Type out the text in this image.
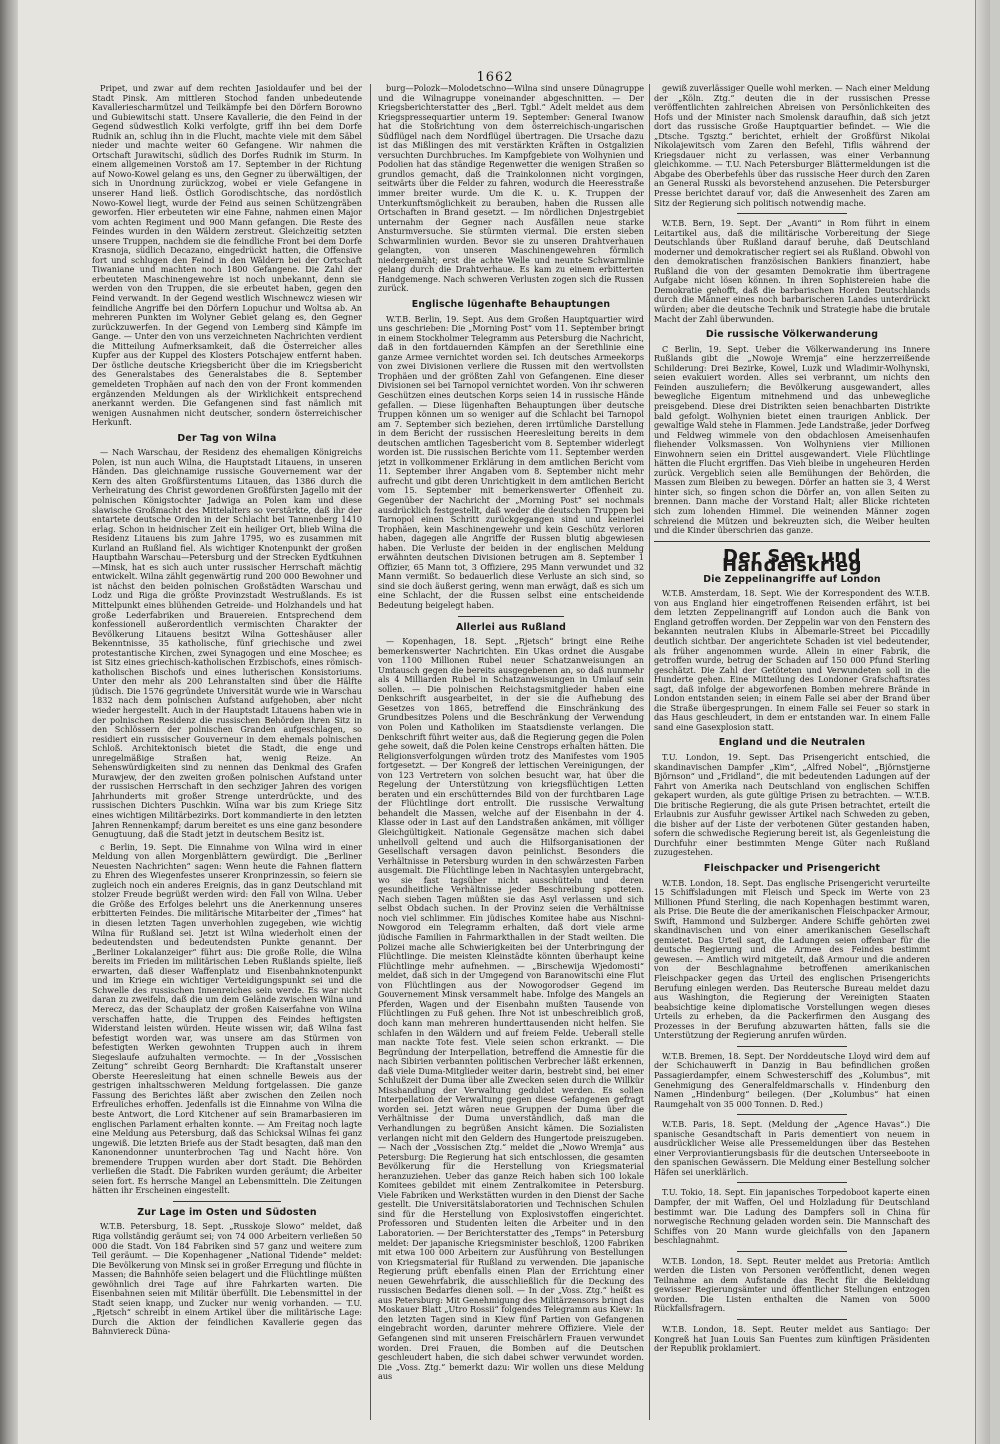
1662

Pripet, und zwar auf dem rechten Jasioldaufer und bei der Stadt Pinsk. Am mittleren Stochod fanden unbedeutende Kavalleriescharmützel und Teilkämpfe bei den Dörfern Borowno und Gubiewitschi statt. Unsere Kavallerie, die den Feind in der Gegend südwestlich Kolki verfolgte, griff ihn bei dem Dorfe Rudnik an, schlug ihn in die Flucht, machte viele mit dem Säbel nieder und machte weiter 60 Gefangene. Wir nahmen die Ortschaft Jurawitschi, südlich des Dorfes Rudnik im Sturm. In einem allgemeinen Vorstoß am 17. September in der Richtung auf Nowo-Kowel gelang es uns, den Gegner zu überwältigen, der sich in Unordnung zurückzog, wobei er viele Gefangene in unserer Hand ließ. Östlich Gorodischtsche, das nordöstlich Nowo-Kowel liegt, wurde der Feind aus seinen Schützengräben geworfen. Hier erbeuteten wir eine Fahne, nahmen einen Major vom achten Regiment und 900 Mann gefangen. Die Reste des Feindes wurden in den Wäldern zerstreut. Gleichzeitig setzten unsere Truppen, nachdem sie die feindliche Front bei dem Dorfe Krasnoja, südlich Decazano, eingedrückt hatten, die Offensive fort und schlugen den Feind in den Wäldern bei der Ortschaft Tiwaniane und machten noch 1800 Gefangene. Die Zahl der erbeuteten Maschinengewehre ist noch unbekannt, denn sie werden von den Truppen, die sie erbeutet haben, gegen den Feind verwandt. In der Gegend westlich Wischnewcz wiesen wir feindliche Angriffe bei den Dörfern Lopuchur und Woltsa ab. An mehreren Punkten im Wolyner Gebiet gelang es, den Gegner zurückzuwerfen. In der Gegend von Lemberg sind Kämpfe im Gange. — Unter den von uns verzeichneten Nachrichten verdient die Mitteilung Aufmerksamkeit, daß die Österreicher alles Kupfer aus der Kuppel des Klosters Potschajew entfernt haben. Der östliche deutsche Kriegsbericht über die im Kriegsbericht des Generalstabes des Generalstabes die 8. September gemeldeten Trophäen auf nach den von der Front kommenden ergänzenden Meldungen als der Wirklichkeit entsprechend anerkannt werden. Die Gefangenen sind fast nämlich mit wenigen Ausnahmen nicht deutscher, sondern österreichischer Herkunft.

Der Tag von Wilna

— Nach Warschau, der Residenz des ehemaligen Königreichs Polen, ist nun auch Wilna, die Hauptstadt Litauens, in unseren Händen. Das gleichnamige russische Gouvernement war der Kern des alten Großfürstentums Litauen, das 1386 durch die Verheiratung des Christ gewordenen Großfürsten Jagello mit der polnischen Königstochter Jadwiga an Polen kam und diese slawische Großmacht des Mittelalters so verstärkte, daß ihr der entartete deutsche Orden in der Schlacht bei Tannenberg 1410 erlag. Schon in heidnischer Zeit ein heiliger Ort, blieb Wilna die Residenz Litauens bis zum Jahre 1795, wo es zusammen mit Kurland an Rußland fiel. Als wichtiger Knotenpunkt der großen Hauptbahn Warschau—Petersburg und der Strecken Eydtkuhnen—Minsk, hat es sich auch unter russischer Herrschaft mächtig entwickelt. Wilna zählt gegenwärtig rund 200 000 Bewohner und ist nächst den beiden polnischen Großstädten Warschau und Lodz und Riga die größte Provinzstadt Westrußlands. Es ist Mittelpunkt eines blühenden Getreide- und Holzhandels und hat große Lederfabriken und Brauereien. Entsprechend dem konfessionell außerordentlich vermischten Charakter der Bevölkerung Litauens besitzt Wilna Gotteshäuser aller Bekenntnisse, 35 katholische, fünf griechische und zwei protestantische Kirchen, zwei Synagogen und eine Moschee; es ist Sitz eines griechisch-katholischen Erzbischofs, eines römisch-katholischen Bischofs und eines lutherischen Konsistoriums. Unter den mehr als 200 Lehranstalten sind über die Hälfte jüdisch. Die 1576 gegründete Universität wurde wie in Warschau 1832 nach dem polnischen Aufstand aufgehoben, aber nicht wieder hergestellt. Auch in der Hauptstadt Litauens haben wie in der polnischen Residenz die russischen Behörden ihren Sitz in den Schlössern der polnischen Granden aufgeschlagen, so residiert ein russischer Gouverneur in dem ehemals polnischen Schloß. Architektonisch bietet die Stadt, die enge und unregelmäßige Straßen hat, wenig Reize. An Sehenswürdigkeiten sind zu nennen das Denkmal des Grafen Murawjew, der den zweiten großen polnischen Aufstand unter der russischen Herrschaft in den sechziger Jahren des vorigen Jahrhunderts mit großer Strenge unterdrückte, und des russischen Dichters Puschkin. Wilna war bis zum Kriege Sitz eines wichtigen Militärbezirks. Dort kommandierte in den letzten Jahren Rennenkampf; darum bereitet es uns eine ganz besondere Genugtuung, daß die Stadt jetzt in deutschem Besitz ist.

c Berlin, 19. Sept. Die Einnahme von Wilna wird in einer Meldung von allen Morgenblättern gewürdigt. Die „Berliner Neuesten Nachrichten“ sagen: Wenn heute die Fahnen flattern zu Ehren des Wiegenfestes unserer Kronprinzessin, so feiern sie zugleich noch ein anderes Ereignis, das in ganz Deutschland mit stolzer Freude begrüßt werden wird: den Fall von Wilna. Ueber die Größe des Erfolges belehrt uns die Anerkennung unseres erbitterten Feindes. Die militärische Mitarbeiter der „Times“ hat in diesen letzten Tagen unverhohlen zugegeben, wie wichtig Wilna für Rußland sei. Jetzt ist Wilna wiederholt einen der bedeutendsten und bedeutendsten Punkte genannt. Der „Berliner Lokalanzeiger“ führt aus: Die große Rolle, die Wilna bereits im Frieden im militärischen Leben Rußlands spielte, ließ erwarten, daß dieser Waffenplatz und Eisenbahnknotenpunkt und im Kriege ein wichtiger Verteidigungspunkt sei und die Schwelle des russischen Innenreiches sein werde. Es war nicht daran zu zweifeln, daß die um dem Gelände zwischen Wilna und Merecz, das der Schauplatz der großen Kaiserfahne von Wilna verschaffen hatte, die Truppen des Feindes heftigsten Widerstand leisten würden. Heute wissen wir, daß Wilna fast befestigt worden war, was unsere am das Stürmen von befestigten Werken gewohnten Truppen auch in ihrem Siegeslaufe aufzuhalten vermochte. — In der „Vossischen Zeitung“ schreibt Georg Bernhardt: Die Kraftanstalt unserer Oberste Heeresleitung hat einen schnelle Beweis aus der gestrigen inhaltsschweren Meldung fortgelassen. Die ganze Fassung des Berichtes läßt aber zwischen den Zeilen noch Erfreuliches erhoffen. Jedenfalls ist die Einnahme von Wilna die beste Antwort, die Lord Kitchener auf sein Bramarbasieren im englischen Parlament erhalten konnte. — Am Freitag noch lagte eine Meldung aus Petersburg, daß das Schicksal Wilnas fei ganz ungewiß. Die letzten Briefe aus der Stadt besagten, daß man den Kanonendonner ununterbrochen Tag und Nacht höre. Von bremendere Truppen wurden aber dort Stadt. Die Behörden verließen die Stadt. Die Fabriken wurden geräumt; die Arbeiter seien fort. Es herrsche Mangel an Lebensmitteln. Die Zeitungen hätten ihr Erscheinen eingestellt.

Zur Lage im Osten und Südosten

W.T.B. Petersburg, 18. Sept. „Russkoje Slowo“ meldet, daß Riga vollständig geräumt sei; von 74 000 Arbeitern verließen 50 000 die Stadt. Von 184 Fabriken sind 57 ganz und weitere zum Teil geräumt. — Die Kopenhagener „National Tidende“ meldet: Die Bevölkerung von Minsk sei in großer Erregung und flüchte in Massen; die Bahnhöfe seien belagert und die Flüchtlinge müßten gewöhnlich drei Tage auf ihre Fahrkarten warten. Die Eisenbahnen seien mit Militär überfüllt. Die Lebensmittel in der Stadt seien knapp, und Zucker nur wenig vorhanden. — T.U. „Rjetsch“ schreibt in einem Artikel über die militärische Lage: Durch die Aktion der feindlichen Kavallerie gegen das Bahnviereck Düna-

burg—Polozk—Molodetschno—Wilna sind unsere Dünagruppe und die Wilnagruppe voneinander abgeschnitten. — Der Kriegsberichterstatter des „Berl. Tgbl.“ Adelt meldet aus dem Kriegspressequartier unterm 19. September: General Iwanow hat die Stoßrichtung von dem österreichisch-ungarischen Südflügel nach dem Nordflügel übertragen. Die Ursache dazu ist das Mißlingen des mit verstärkten Kräften in Ostgalizien versuchten Durchbruches. Im Kampfgebiete von Wolhynien und Podolien hat das ständige Regenwetter die wenigen Straßen so grundlos gemacht, daß die Trainkolonnen nicht vorgingen, seitwärts über die Felder zu fahren, wodurch die Heeresstraße immer breiter wurde. Um die K. u. K. Truppen der Unterkunftsmöglichkeit zu berauben, haben die Russen alle Ortschaften in Brand gesetzt. — Im nördlichen Dnjestrgebiet unternahm der Gegner nach Ausfällen neue starke Ansturmversuche. Sie stürmten viermal. Die ersten sieben Schwarmlinien wurden. Bevor sie zu unseren Drahtverhauen gelangten, von unseren Maschinengewehren förmlich niedergemäht; erst die achte Welle und neunte Schwarmlinie gelang durch die Drahtverhaue. Es kam zu einem erbitterten Handgemenge. Nach schweren Verlusten zogen sich die Russen zurück.

Englische lügenhafte Behauptungen

W.T.B. Berlin, 19. Sept. Aus dem Großen Hauptquartier wird uns geschrieben: Die „Morning Post“ vom 11. September bringt in einem Stockholmer Telegramm aus Petersburg die Nachricht, daß in den fortdauernden Kämpfen an der Serethlinie eine ganze Armee vernichtet worden sei. Ich deutsches Armeekorps von zwei Divisionen verliere die Russen mit den wertvollsten Trophäen und der größten Zahl von Gefangenen. Eine dieser Divisionen sei bei Tarnopol vernichtet worden. Von ihr schweren Geschützen eines deutschen Korps seien 14 in russische Hände gefallen. — Diese lügenhaften Behauptungen über deutsche Truppen können um so weniger auf die Schlacht bei Tarnopol am 7. September sich beziehen, deren irrtümliche Darstellung in dem Bericht der russischen Heeresleitung bereits in dem deutschen amtlichen Tagesbericht vom 8. September widerlegt worden ist. Die russischen Berichte vom 11. September werden jetzt in vollkommener Erklärung in dem amtlichen Bericht vom 11. September ihrer Angaben vom 8. September nicht mehr aufrecht und gibt deren Unrichtigkeit in dem amtlichen Bericht vom 15. September mit bemerkenswerter Offenheit zu. Gegenüber der Nachricht der „Morning Post“ sei nochmals ausdrücklich festgestellt, daß weder die deutschen Truppen bei Tarnopol einen Schritt zurückgegangen sind und keinerlei Trophäen, kein Maschinengewehr und kein Geschütz verloren haben, dagegen alle Angriffe der Russen blutig abgewiesen haben. Die Verluste der beiden in der englischen Meldung erwähnten deutschen Divisionen betrugen am 8. September 1 Offizier, 65 Mann tot, 3 Offiziere, 295 Mann verwundet und 32 Mann vermißt. So bedauerlich diese Verluste an sich sind, so sind sie doch äußerst gering, wenn man erwägt, daß es sich um eine Schlacht, der die Russen selbst eine entscheidende Bedeutung beigelegt haben.

Allerlei aus Rußland

— Kopenhagen, 18. Sept. „Rjetsch“ bringt eine Reihe bemerkenswerter Nachrichten. Ein Ukas ordnet die Ausgabe von 1100 Millionen Rubel neuer Schatzanweisungen an Umtausch gegen die bereits ausgegebenen an, so daß nunmehr als 4 Milliarden Rubel in Schatzanweisungen in Umlauf sein sollen. — Die polnischen Reichstagsmitglieder haben eine Denkschrift ausgearbeitet, in der sie die Aufhebung des Gesetzes von 1865, betreffend die Einschränkung des Grundbesitzes Polens und die Beschränkung der Verwendung von Polen und Katholiken im Staatsdienste verlangen. Die Denkschrift führt weiter aus, daß die Regierung gegen die Polen gehe soweit, daß die Polen keine Censtrops erhalten hätten. Die Religionsverfolgungen würden trotz des Manifestes vom 1905 fortgesetzt. — Der Kongreß der lettischen Vereinigungen, der von 123 Vertretern von solchen besucht war, hat über die Regelung der Unterstützung von kriegsflüchtigen Letten beraten und ein erschütterndes Bild von der furchtbaren Lage der Flüchtlinge dort entrollt. Die russische Verwaltung behandelt die Massen, welche auf der Eisenbahn in der 4. Klasse oder in Last auf den Landstraßen ankämen, mit völliger Gleichgültigkeit. Nationale Gegensätze machen sich dabei unheilvoll geltend und auch die Hilfsorganisationen der Gesellschaft versagen davon peinlichst. Besonders die Verhältnisse in Petersburg wurden in den schwärzesten Farben ausgemalt. Die Flüchtlinge leben in Nachtasylen untergebracht, wo sie fast tagsüber nicht ausschütteln und deren gesundheitliche Verhältnisse jeder Beschreibung spotteten. Nach sieben Tagen müßten sie das Asyl verlassen und sich selbst Obdach suchen. In der Provinz seien die Verhältnisse noch viel schlimmer. Ein jüdisches Komitee habe aus Nischni-Nowgorod ein Telegramm erhalten, daß dort viele arme jüdische Familien in Fahrmarkthallen in der Stadt weilten. Die Polizei mache alle Schwierigkeiten bei der Unterbringung der Flüchtlinge. Die meisten Kleinstädte könnten überhaupt keine Flüchtlinge mehr aufnehmen. — „Birschewija Wjedomosti“ meldet, daß sich in der Umgegend von Baranowitschi eine Flut von Flüchtlingen aus der Nowogorodser Gegend im Gouvernement Minsk versammelt habe. Infolge des Mangels an Pferden, Wagen und der Eisenbahn mußten Tausende von Flüchtlingen zu Fuß gehen. Ihre Not ist unbeschreiblich groß, doch kann man mehreren hunderttausenden nicht helfen. Sie schlafen in den Wäldern und auf freiem Felde. Ueberall stelle man nackte Tote fest. Viele seien schon erkrankt. — Die Begründung der Interpellation, betreffend die Amnestie für die nach Sibirien verbannten politischen Verbrecher läßt erkennen, daß viele Duma-Mitglieder weiter darin, bestrebt sind, bei einer Schlußzeit der Duma über alle Zwecken seien durch die Willkür Misshandlung der Verwaltung geduldet werden. Es sollen Interpellation der Verwaltung gegen diese Gefangenen gefragt worden sei. Jetzt wären neue Gruppen der Duma über die Verhältnisse der Duma unverständlich, daß man die Verhandlungen zu begrüßen Ansicht kämen. Die Sozialisten verlangen nicht mit den Geldern des Hungertode preiszugeben. — Nach der „Vossischen Ztg.“ meldet die „Nowo Wremja“ aus Petersburg: Die Regierung hat sich entschlossen, die gesamten Bevölkerung für die Herstellung von Kriegsmaterial heranzuziehen. Ueber das ganze Reich haben sich 100 lokale Komitees gebildet mit einem Zentralkomitee in Petersburg. Viele Fabriken und Werkstätten wurden in den Dienst der Sache gestellt. Die Universitätslaboratorien und Technischen Schulen sind für die Herstellung von Explosivstoffen eingerichtet. Professoren und Studenten leiten die Arbeiter und in den Laboratorien. — Der Berichterstatter des „Temps“ in Petersburg meldet: Der japanische Kriegsminister beschloß, 1200 Fabriken mit etwa 100 000 Arbeitern zur Ausführung von Bestellungen von Kriegsmaterial für Rußland zu verwenden. Die japanische Regierung prüft ebenfalls einen Plan der Errichtung einer neuen Gewehrfabrik, die ausschließlich für die Deckung des russischen Bedarfes dienen soll. — In der „Voss. Ztg.“ heißt es aus Petersburg: Mit Genehmigung des Militärzensors bringt das Moskauer Blatt „Utro Rossii“ folgendes Telegramm aus Kiew: In den letzten Tagen sind in Kiew fünf Partien von Gefangenen eingebracht worden, darunter mehrere Offiziere. Viele der Gefangenen sind mit unseren Freischärlern Frauen verwundet worden. Drei Frauen, die Bomben auf die Deutschen geschleudert haben, die sich dabei schwer verwundet worden. Die „Voss. Ztg.“ bemerkt dazu: Wir wollen uns diese Meldung aus

gewiß zuverlässiger Quelle wohl merken. — Nach einer Meldung der „Köln. Ztg.“ deuten die in der russischen Presse veröffentlichten zahlreichen Abreisen von Persönlichkeiten des Hofs und der Minister nach Smolensk daraufhin, daß sich jetzt dort das russische Große Hauptquartier befindet. — Wie die „Dtsche. Tgsztg.“ berichtet, erhielt der Großfürst Nikolai Nikolajewitsch vom Zaren den Befehl, Tiflis während der Kriegsdauer nicht zu verlassen, was einer Verbannung gleichkomme. — T.U. Nach Petersburger Blättermeldungen ist die Abgabe des Oberbefehls über das russische Heer durch den Zaren an General Russki als bevorstehend anzusehen. Die Petersburger Presse berichtet darauf vor, daß die Anwesenheit des Zaren am Sitz der Regierung sich politisch notwendig mache.

W.T.B. Bern, 19. Sept. Der „Avanti“ in Rom führt in einem Leitartikel aus, daß die militärische Vorbereitung der Siege Deutschlands über Rußland darauf beruhe, daß Deutschland moderner und demokratischer regiert sei als Rußland. Obwohl von den demokratischen französischen Bankiers finanziert, habe Rußland die von der gesamten Demokratie ihm übertragene Aufgabe nicht lösen können. In ihren Sophistereien habe die Demokratie gehofft, daß die barbarischen Horden Deutschlands durch die Männer eines noch barbarischeren Landes unterdrückt würden; aber die deutsche Technik und Strategie habe die brutale Macht der Zahl überwunden.

Die russische Völkerwanderung

C Berlin, 19. Sept. Ueber die Völkerwanderung ins Innere Rußlands gibt die „Nowoje Wremja“ eine herzzerreißende Schilderung: Drei Bezirke, Kowel, Luzk und Wladimir-Wolhynski, seien evakuiert worden. Alles sei verbrannt, um nichts den Feinden auszuliefern; die Bevölkerung ausgewandert, alles bewegliche Eigentum mitnehmend und das unbewegliche preisgebend. Diese drei Distrikten seien benachbarten Distrikte bald gefolgt. Wolhynien bietet einen traurigen Anblick. Der gewaltige Wald stehe in Flammen. Jede Landstraße, jeder Dorfweg und Feldweg wimmele von den obdachlosen Ameisenhaufen fliehender Volksmassen. Von Wolhyniens vier Millionen Einwohnern seien ein Drittel ausgewandert. Viele Flüchtlinge hätten die Flucht ergriffen. Das Vieh bleibe in ungeheuren Herden zurück. Vergeblich seien alle Bemühungen der Behörden, die Massen zum Bleiben zu bewegen. Dörfer an hatten sie 3, 4 Werst hinter sich, so fingen schon die Dörfer an, von allen Seiten zu brennen. Dann mache der Vorstand Halt; aller Blicke richteten sich zum lohenden Himmel. Die weinenden Männer zogen schreiend die Mützen und bekreuzten sich, die Weiber heulten und die Kinder überschrien das ganze.

Der See- und Handelskrieg
Die Zeppelinangriffe auf London

W.T.B. Amsterdam, 18. Sept. Wie der Korrespondent des W.T.B. von aus England hier eingetroffenen Reisenden erfährt, ist bei dem letzten Zeppelinangriff auf London auch die Bank von England getroffen worden. Der Zeppelin war von den Fenstern des bekannten neutralen Klubs in Albemarle-Street bei Piccadilly deutlich sichtbar. Der angerichtete Schaden ist viel bedeutender, als früher angenommen wurde. Allein in einer Fabrik, die getroffen wurde, betrug der Schaden auf 150 000 Pfund Sterling geschätzt. Die Zahl der Getöteten und Verwundeten soll in die Hunderte gehen. Eine Mitteilung des Londoner Grafschaftsrates sagt, daß infolge der abgeworfenen Bomben mehrere Brände in London entstanden seien; in einem Falle sei aber der Brand über die Straße übergesprungen. In einem Falle sei Feuer so stark in das Haus geschleudert, in dem er entstanden war. In einem Falle sand eine Gasexplosion statt.

England und die Neutralen

T.U. London, 19. Sept. Das Prisengericht entschied, die skandinavischen Dampfer „Kim“, „Alfred Nobel“, „Björnstjerne Björnson“ und „Fridland“, die mit bedeutenden Ladungen auf der Fahrt von Amerika nach Deutschland von englischen Schiffen gekapert wurden, als gute gültige Prisen zu betrachten. — W.T.B. Die britische Regierung, die als gute Prisen betrachtet, erteilt die Erlaubnis zur Ausfuhr gewisser Artikel nach Schweden zu geben, die bisher auf der Liste der verbotenen Güter gestanden haben, sofern die schwedische Regierung bereit ist, als Gegenleistung die Durchfuhr einer bestimmten Menge Güter nach Rußland zuzugestehen.

Fleischpacker und Prisengericht

W.T.B. London, 18. Sept. Das englische Prisengericht verurteilte 15 Schiffsladungen mit Fleisch und Speck im Werte von 23 Millionen Pfund Sterling, die nach Kopenhagen bestimmt waren, als Prise. Die Beute die der amerikanischen Fleischpacker Armour, Swift, Hammond und Sulzberger. Andere Schiffe gehörten zwei skandinavischen und von einer amerikanischen Gesellschaft gemietet. Das Urteil sagt, die Ladungen seien offenbar für die deutsche Regierung und die Armee des Feindes bestimmt gewesen. — Amtlich wird mitgeteilt, daß Armour und die anderen von der Beschlagnahme betroffenen amerikanischen Fleischpacker gegen das Urteil des englischen Prisengerichts Berufung einlegen werden. Das Reutersche Bureau meldet dazu aus Washington, die Regierung der Vereinigten Staaten beabsichtige keine diplomatische Vorstellungen wegen dieses Urteils zu erheben, da die Packerfirmen den Ausgang des Prozesses in der Berufung abzuwarten hätten, falls sie die Unterstützung der Regierung anrufen würden.

W.T.B. Bremen, 18. Sept. Der Norddeutsche Lloyd wird dem auf der Schichauwerft in Danzig in Bau befindlichen großen Passagierdampfer, einem Schwesterschiff des „Kolumbus“, mit Genehmigung des Generalfeldmarschalls v. Hindenburg den Namen „Hindenburg“ beilegen. (Der „Kolumbus“ hat einen Raumgehalt von 35 000 Tonnen. D. Red.)

W.T.B. Paris, 18. Sept. (Meldung der „Agence Havas“.) Die spanische Gesandtschaft in Paris dementiert von neuem in ausdrücklicher Weise alle Pressemeldungen über das Bestehen einer Verproviantierungsbasis für die deutschen Unterseeboote in den spanischen Gewässern. Die Meldung einer Bestellung solcher Häfen sei unerklärlich.

T.U. Tokio, 18. Sept. Ein japanisches Torpedoboot kaperte einen Dampfer, der mit Waffen, Oel und Holzladung für Deutschland bestimmt war. Die Ladung des Dampfers soll in China für norwegische Rechnung geladen worden sein. Die Mannschaft des Schiffes von 20 Mann wurde gleichfalls von den Japanern beschlagnahmt.

W.T.B. London, 18. Sept. Reuter meldet aus Pretoria: Amtlich werden die Listen von Personen veröffentlicht, denen wegen Teilnahme an dem Aufstande das Recht für die Bekleidung gewisser Regierungsämter und öffentlicher Stellungen entzogen worden. Die Listen enthalten die Namen von 5000 Rückfallsfragern.

W.T.B. London, 18. Sept. Reuter meldet aus Santiago: Der Kongreß hat Juan Louis San Fuentes zum künftigen Präsidenten der Republik proklamiert.
